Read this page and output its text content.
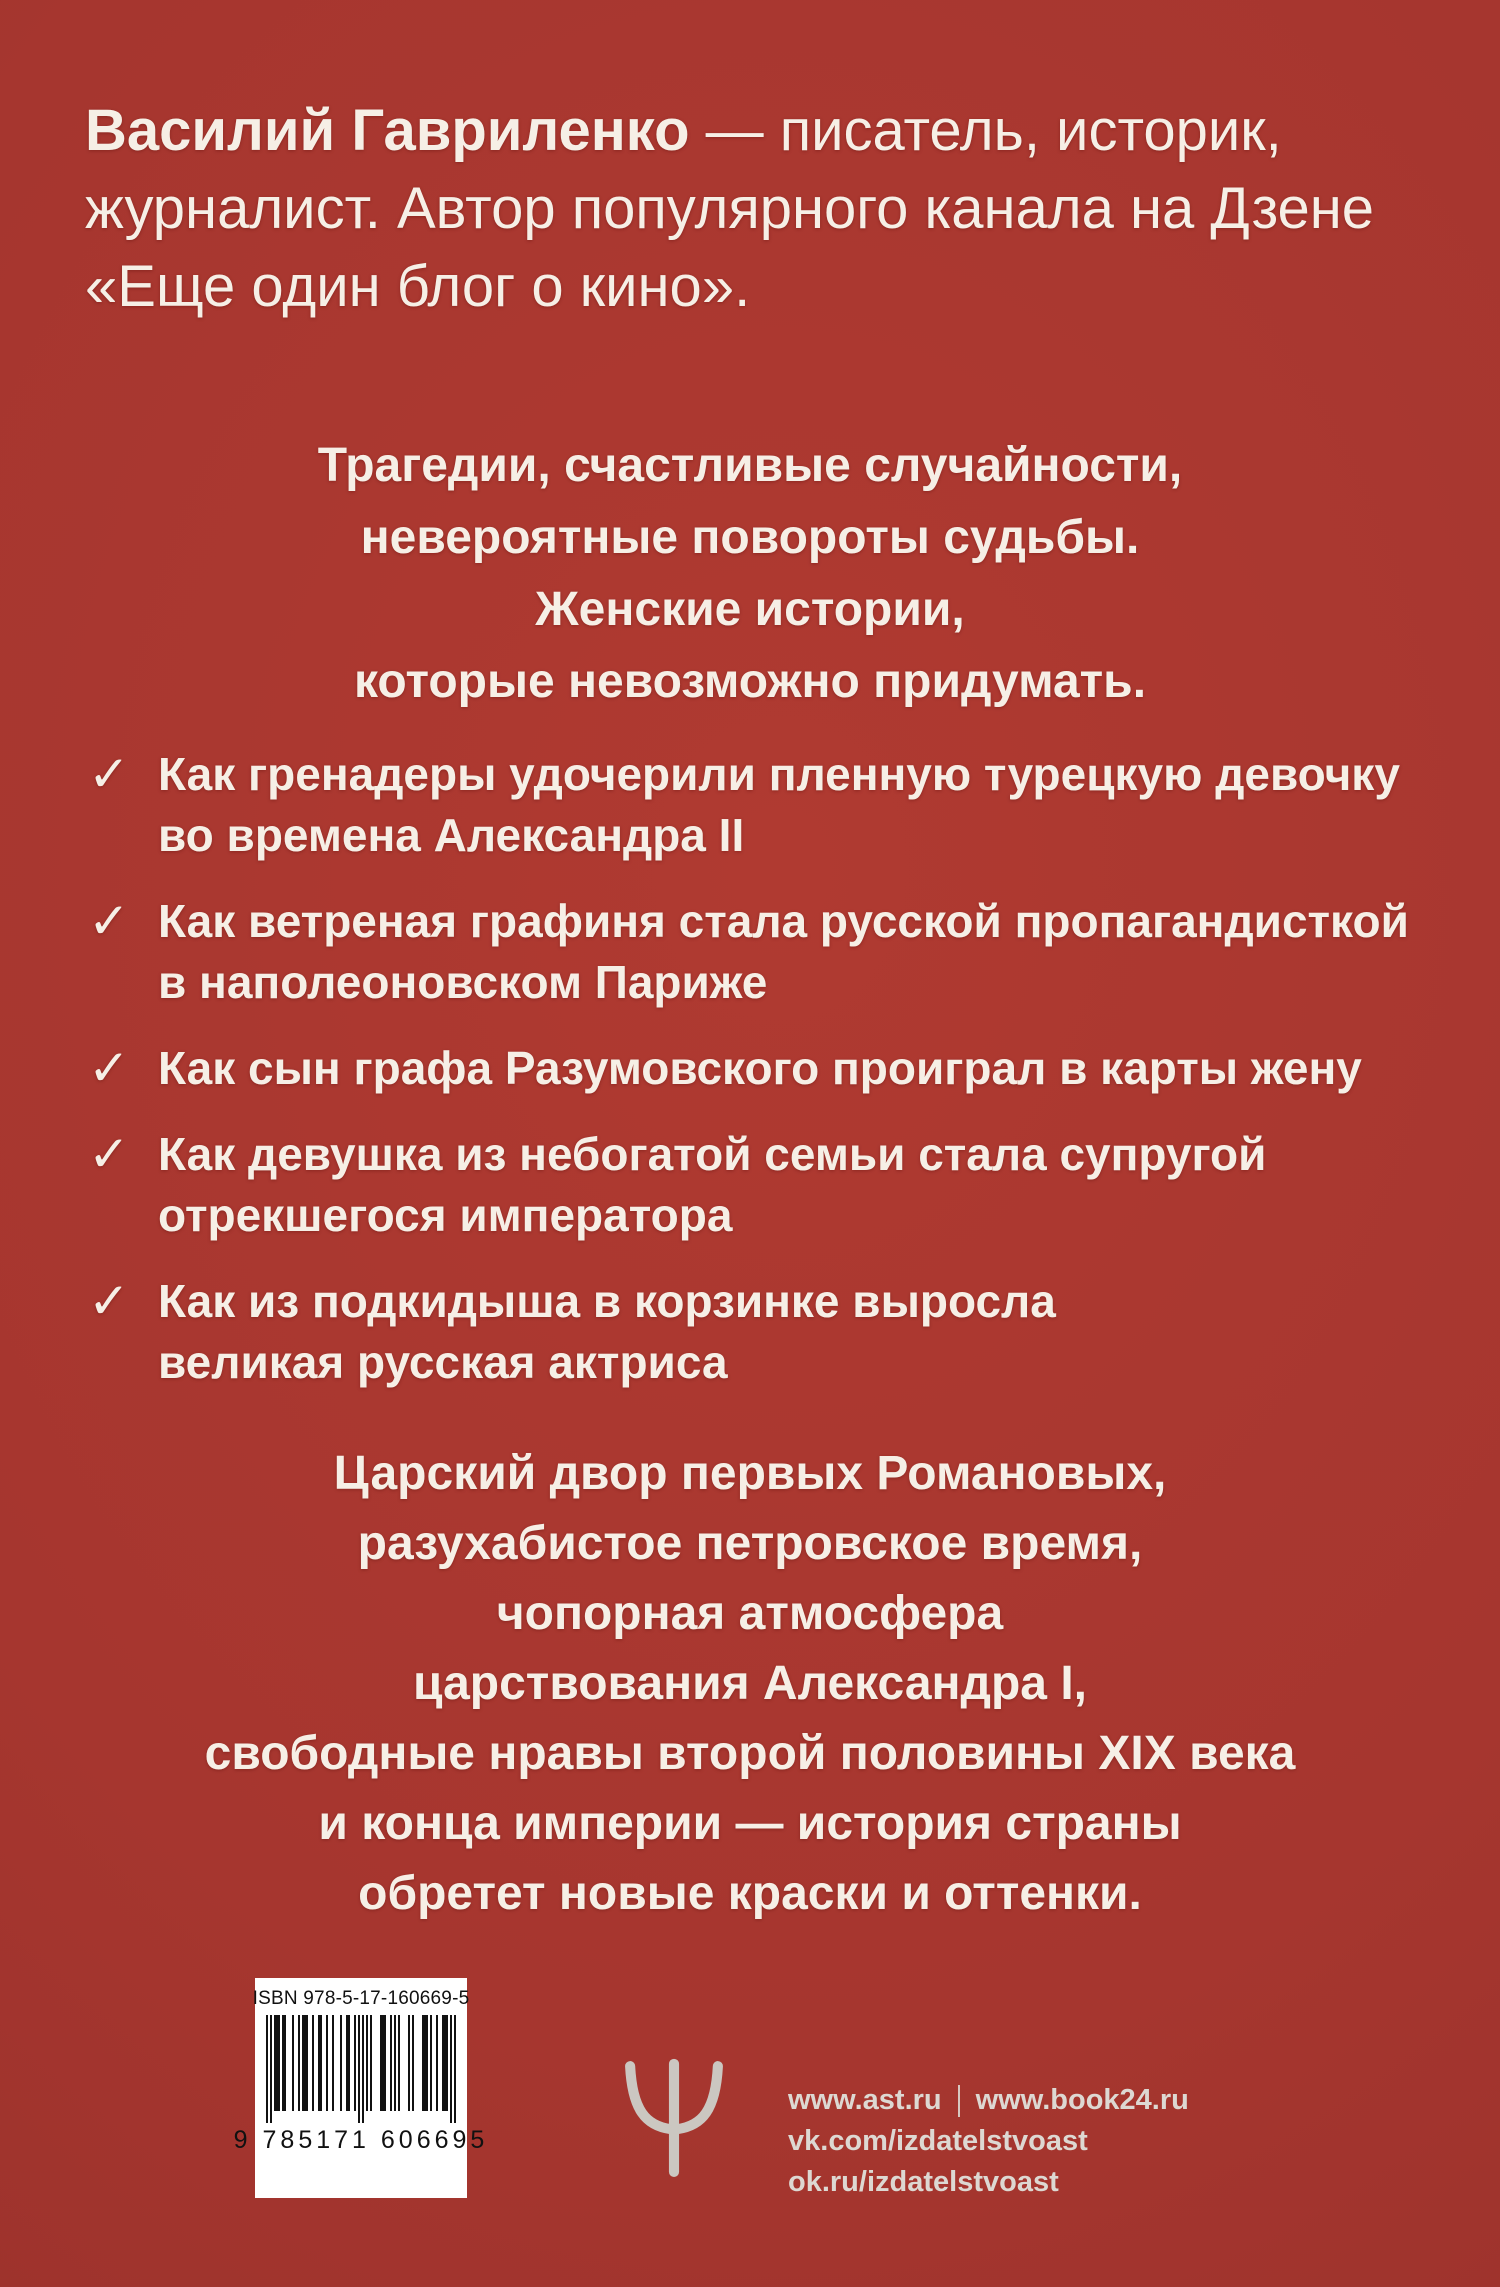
Василий Гавриленко — писатель, историк,
журналист. Автор популярного канала на Дзене
«Еще один блог о кино».
Трагедии, счастливые случайности,
невероятные повороты судьбы.
Женские истории,
которые невозможно придумать.
✓ Как гренадеры удочерили пленную турецкую девочку
во времена Александра II
✓ Как ветреная графиня стала русской пропагандисткой
в наполеоновском Париже
✓ Как сын графа Разумовского проиграл в карты жену
✓ Как девушка из небогатой семьи стала супругой
отрекшегося императора
✓ Как из подкидыша в корзинке выросла
великая русская актриса
Царский двор первых Романовых,
разухабистое петровское время,
чопорная атмосфера
царствования Александра I,
свободные нравы второй половины XIX века
и конца империи — история страны
обретет новые краски и оттенки.
ISBN 978-5-17-160669-5
9 785171 606695
www.ast.ru www.book24.ru
vk.com/izdatelstvoast
ok.ru/izdatelstvoast
